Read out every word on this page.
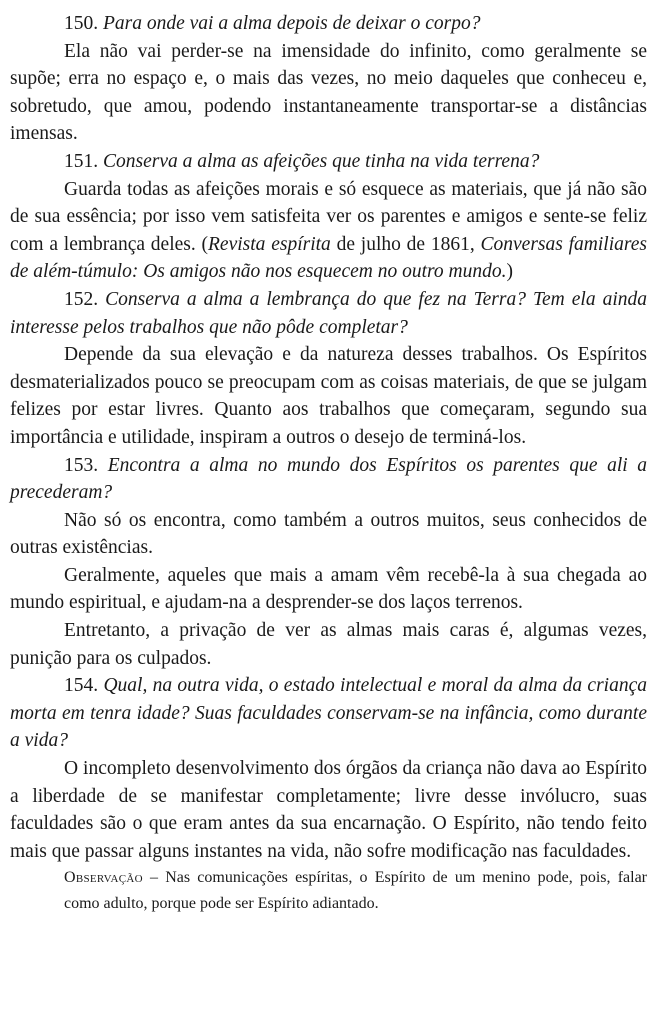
150. Para onde vai a alma depois de deixar o corpo?

Ela não vai perder-se na imensidade do infinito, como geralmente se supõe; erra no espaço e, o mais das vezes, no meio daqueles que conheceu e, sobretudo, que amou, podendo instantaneamente transportar-se a distâncias imensas.

151. Conserva a alma as afeições que tinha na vida terrena?

Guarda todas as afeições morais e só esquece as materiais, que já não são de sua essência; por isso vem satisfeita ver os parentes e amigos e sente-se feliz com a lembrança deles. (Revista espírita de julho de 1861, Conversas familiares de além-túmulo: Os amigos não nos esquecem no outro mundo.)

152. Conserva a alma a lembrança do que fez na Terra? Tem ela ainda interesse pelos trabalhos que não pôde completar?

Depende da sua elevação e da natureza desses trabalhos. Os Espíritos desmaterializados pouco se preocupam com as coisas materiais, de que se julgam felizes por estar livres. Quanto aos trabalhos que começaram, segundo sua importância e utilidade, inspiram a outros o desejo de terminá-los.

153. Encontra a alma no mundo dos Espíritos os parentes que ali a precederam?

Não só os encontra, como também a outros muitos, seus conhecidos de outras existências.

Geralmente, aqueles que mais a amam vêm recebê-la à sua chegada ao mundo espiritual, e ajudam-na a desprender-se dos laços terrenos.

Entretanto, a privação de ver as almas mais caras é, algumas vezes, punição para os culpados.

154. Qual, na outra vida, o estado intelectual e moral da alma da criança morta em tenra idade? Suas faculdades conservam-se na infância, como durante a vida?

O incompleto desenvolvimento dos órgãos da criança não dava ao Espírito a liberdade de se manifestar completamente; livre desse invólucro, suas faculdades são o que eram antes da sua encarnação. O Espírito, não tendo feito mais que passar alguns instantes na vida, não sofre modificação nas faculdades.

Observação – Nas comunicações espíritas, o Espírito de um menino pode, pois, falar como adulto, porque pode ser Espírito adiantado.
